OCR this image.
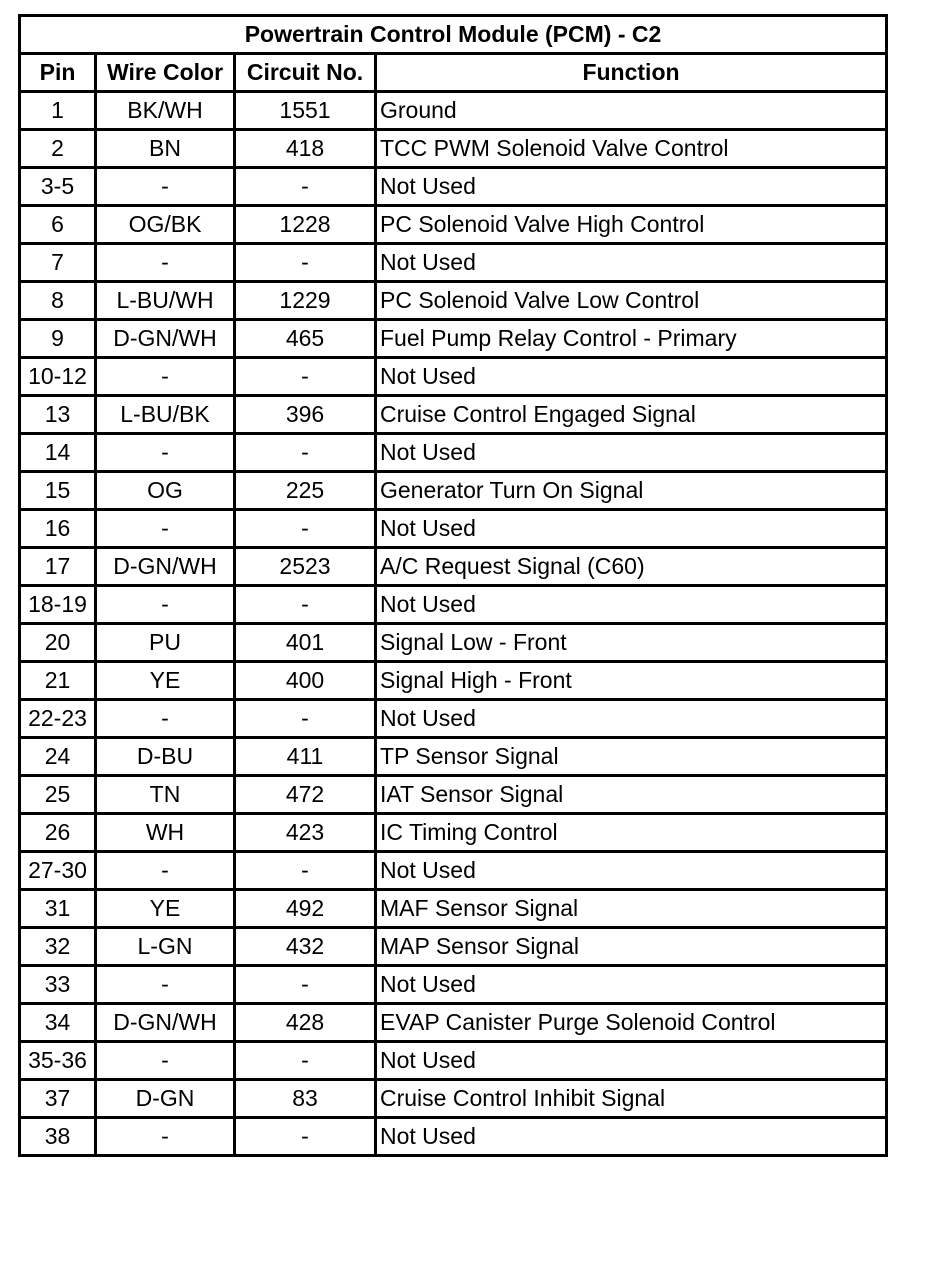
Powertrain Control Module (PCM) - C2			
Pin	Wire Color	Circuit No.	Function
1	BK/WH	1551	Ground
2	BN	418	TCC PWM Solenoid Valve Control
3-5	-	-	Not Used
6	OG/BK	1228	PC Solenoid Valve High Control
7	-	-	Not Used
8	L-BU/WH	1229	PC Solenoid Valve Low Control
9	D-GN/WH	465	Fuel Pump Relay Control - Primary
10-12	-	-	Not Used
13	L-BU/BK	396	Cruise Control Engaged Signal
14	-	-	Not Used
15	OG	225	Generator Turn On Signal
16	-	-	Not Used
17	D-GN/WH	2523	A/C Request Signal (C60)
18-19	-	-	Not Used
20	PU	401	Signal Low - Front
21	YE	400	Signal High - Front
22-23	-	-	Not Used
24	D-BU	411	TP Sensor Signal
25	TN	472	IAT Sensor Signal
26	WH	423	IC Timing Control
27-30	-	-	Not Used
31	YE	492	MAF Sensor Signal
32	L-GN	432	MAP Sensor Signal
33	-	-	Not Used
34	D-GN/WH	428	EVAP Canister Purge Solenoid Control
35-36	-	-	Not Used
37	D-GN	83	Cruise Control Inhibit Signal
38	-	-	Not Used
